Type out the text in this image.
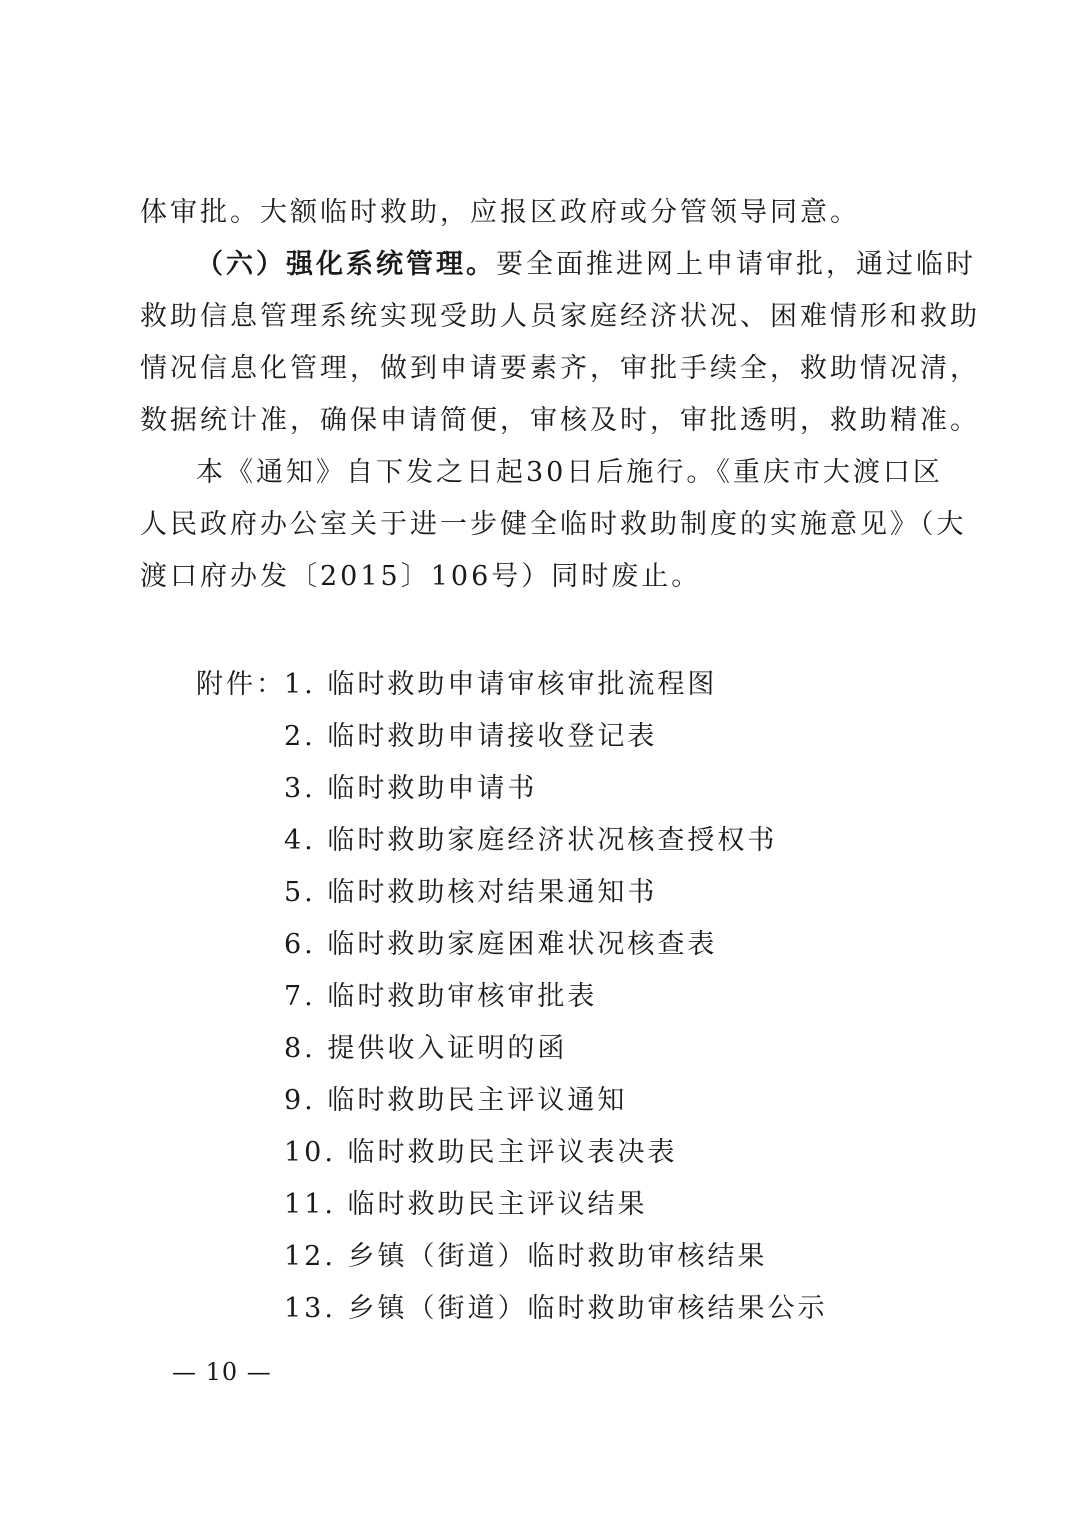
体审批。大额临时救助，应报区政府或分管领导同意。
（六）强化系统管理。要全面推进网上申请审批，通过临时
救助信息管理系统实现受助人员家庭经济状况、困难情形和救助
情况信息化管理，做到申请要素齐，审批手续全，救助情况清，
数据统计准，确保申请简便，审核及时，审批透明，救助精准。
本《通知》自下发之日起30日后施行。《重庆市大渡口区
人民政府办公室关于进一步健全临时救助制度的实施意见》（大
渡口府办发〔2015〕106号）同时废止。
附件：
1. 临时救助申请审核审批流程图
2. 临时救助申请接收登记表
3. 临时救助申请书
4. 临时救助家庭经济状况核查授权书
5. 临时救助核对结果通知书
6. 临时救助家庭困难状况核查表
7. 临时救助审核审批表
8. 提供收入证明的函
9. 临时救助民主评议通知
10. 临时救助民主评议表决表
11. 临时救助民主评议结果
12. 乡镇（街道）临时救助审核结果
13. 乡镇（街道）临时救助审核结果公示
— 10 —
